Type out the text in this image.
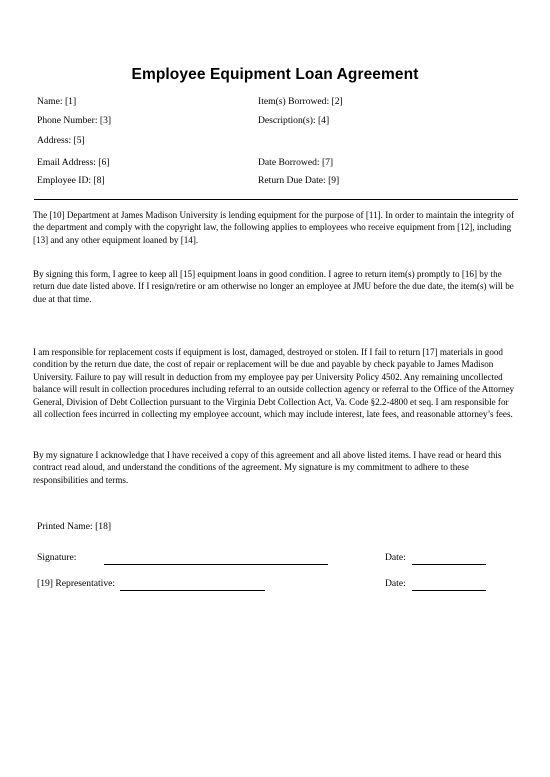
Employee Equipment Loan Agreement
Name: [1]	Item(s) Borrowed: [2]
Phone Number: [3]	Description(s): [4]
Address: [5]
Email Address: [6]	Date Borrowed: [7]
Employee ID: [8]	Return Due Date: [9]
The [10] Department at James Madison University is lending equipment for the purpose of [11]. In order to maintain the integrity of the department and comply with the copyright law, the following applies to employees who receive equipment from [12], including [13] and any other equipment loaned by [14].
By signing this form, I agree to keep all [15] equipment loans in good condition. I agree to return item(s) promptly to [16] by the return due date listed above. If I resign/retire or am otherwise no longer an employee at JMU before the due date, the item(s) will be due at that time.
I am responsible for replacement costs if equipment is lost, damaged, destroyed or stolen. If I fail to return [17] materials in good condition by the return due date, the cost of repair or replacement will be due and payable by check payable to James Madison University. Failure to pay will result in deduction from my employee pay per University Policy 4502. Any remaining uncollected balance will result in collection procedures including referral to an outside collection agency or referral to the Office of the Attorney General, Division of Debt Collection pursuant to the Virginia Debt Collection Act, Va. Code §2.2-4800 et seq. I am responsible for all collection fees incurred in collecting my employee account, which may include interest, late fees, and reasonable attorney’s fees.
By my signature I acknowledge that I have received a copy of this agreement and all above listed items. I have read or heard this contract read aloud, and understand the conditions of the agreement. My signature is my commitment to adhere to these responsibilities and terms.
Printed Name: [18]
Signature:	Date:
[19] Representative:	Date:
